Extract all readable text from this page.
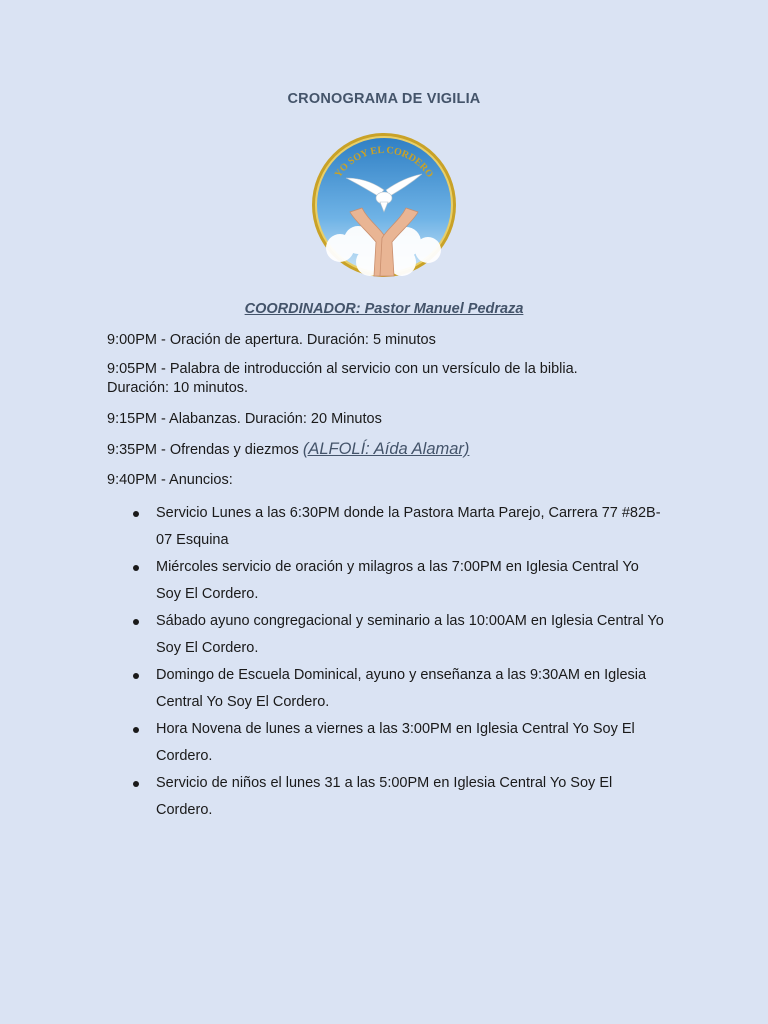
CRONOGRAMA DE VIGILIA
YO SOY EL CORDERO
COORDINADOR: Pastor Manuel Pedraza
9:00PM - Oración de apertura. Duración: 5 minutos
9:05PM - Palabra de introducción al servicio con un versículo de la biblia. Duración: 10 minutos.
9:15PM - Alabanzas. Duración: 20 Minutos
9:35PM - Ofrendas y diezmos (ALFOLÍ: Aída Alamar)
9:40PM - Anuncios:
Servicio Lunes a las 6:30PM donde la Pastora Marta Parejo, Carrera 77 #82B-07 Esquina
Miércoles servicio de oración y milagros a las 7:00PM en Iglesia Central Yo Soy El Cordero.
Sábado ayuno congregacional y seminario a las 10:00AM en Iglesia Central Yo Soy El Cordero.
Domingo de Escuela Dominical, ayuno y enseñanza a las 9:30AM en Iglesia Central Yo Soy El Cordero.
Hora Novena de lunes a viernes a las 3:00PM en Iglesia Central Yo Soy El Cordero.
Servicio de niños el lunes 31 a las 5:00PM en Iglesia Central Yo Soy El Cordero.
